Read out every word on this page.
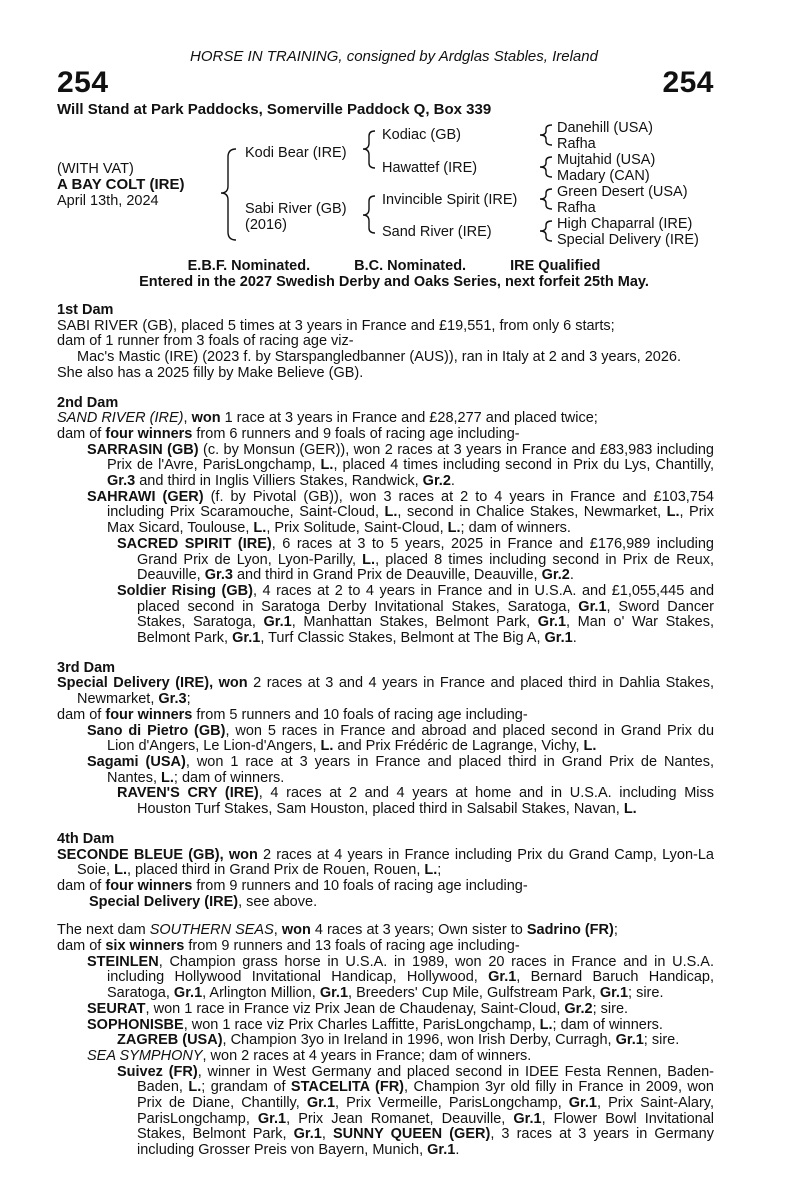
HORSE IN TRAINING, consigned by Ardglas Stables, Ireland
254	254
Will Stand at Park Paddocks, Somerville Paddock Q, Box 339
(WITH VAT)
A BAY COLT (IRE)
April 13th, 2024
Kodi Bear (IRE)
Sabi River (GB)
(2016)
Kodiac (GB)
Hawattef (IRE)
Invincible Spirit (IRE)
Sand River (IRE)
Danehill (USA)
Rafha
Mujtahid (USA)
Madary (CAN)
Green Desert (USA)
Rafha
High Chaparral (IRE)
Special Delivery (IRE)
E.B.F. Nominated.	B.C. Nominated.	IRE Qualified
Entered in the 2027 Swedish Derby and Oaks Series, next forfeit 25th May.
1st Dam
SABI RIVER (GB), placed 5 times at 3 years in France and £19,551, from only 6 starts;
dam of 1 runner from 3 foals of racing age viz-
Mac's Mastic (IRE) (2023 f. by Starspangledbanner (AUS)), ran in Italy at 2 and 3 years, 2026.
She also has a 2025 filly by Make Believe (GB).
2nd Dam
SAND RIVER (IRE), won 1 race at 3 years in France and £28,277 and placed twice;
dam of four winners from 6 runners and 9 foals of racing age including-

SARRASIN (GB) (c. by Monsun (GER)), won 2 races at 3 years in France and £83,983 including Prix de l'Avre, ParisLongchamp, L., placed 4 times including second in Prix du Lys, Chantilly, Gr.3 and third in Inglis Villiers Stakes, Randwick, Gr.2.

SAHRAWI (GER) (f. by Pivotal (GB)), won 3 races at 2 to 4 years in France and £103,754 including Prix Scaramouche, Saint-Cloud, L., second in Chalice Stakes, Newmarket, L., Prix Max Sicard, Toulouse, L., Prix Solitude, Saint-Cloud, L.; dam of winners.

SACRED SPIRIT (IRE), 6 races at 3 to 5 years, 2025 in France and £176,989 including Grand Prix de Lyon, Lyon-Parilly, L., placed 8 times including second in Prix de Reux, Deauville, Gr.3 and third in Grand Prix de Deauville, Deauville, Gr.2.

Soldier Rising (GB), 4 races at 2 to 4 years in France and in U.S.A. and £1,055,445 and placed second in Saratoga Derby Invitational Stakes, Saratoga, Gr.1, Sword Dancer Stakes, Saratoga, Gr.1, Manhattan Stakes, Belmont Park, Gr.1, Man o' War Stakes, Belmont Park, Gr.1, Turf Classic Stakes, Belmont at The Big A, Gr.1.

3rd Dam

Special Delivery (IRE), won 2 races at 3 and 4 years in France and placed third in Dahlia Stakes, Newmarket, Gr.3;

dam of four winners from 5 runners and 10 foals of racing age including-

Sano di Pietro (GB), won 5 races in France and abroad and placed second in Grand Prix du Lion d'Angers, Le Lion-d'Angers, L. and Prix Frédéric de Lagrange, Vichy, L.

Sagami (USA), won 1 race at 3 years in France and placed third in Grand Prix de Nantes, Nantes, L.; dam of winners.

RAVEN'S CRY (IRE), 4 races at 2 and 4 years at home and in U.S.A. including Miss Houston Turf Stakes, Sam Houston, placed third in Salsabil Stakes, Navan, L.

4th Dam

SECONDE BLEUE (GB), won 2 races at 4 years in France including Prix du Grand Camp, Lyon-La Soie, L., placed third in Grand Prix de Rouen, Rouen, L.;

dam of four winners from 9 runners and 10 foals of racing age including-
Special Delivery (IRE), see above.
The next dam SOUTHERN SEAS, won 4 races at 3 years; Own sister to Sadrino (FR);
dam of six winners from 9 runners and 13 foals of racing age including-

STEINLEN, Champion grass horse in U.S.A. in 1989, won 20 races in France and in U.S.A. including Hollywood Invitational Handicap, Hollywood, Gr.1, Bernard Baruch Handicap, Saratoga, Gr.1, Arlington Million, Gr.1, Breeders' Cup Mile, Gulfstream Park, Gr.1; sire.

SEURAT, won 1 race in France viz Prix Jean de Chaudenay, Saint-Cloud, Gr.2; sire.

SOPHONISBE, won 1 race viz Prix Charles Laffitte, ParisLongchamp, L.; dam of winners.

ZAGREB (USA), Champion 3yo in Ireland in 1996, won Irish Derby, Curragh, Gr.1; sire.

SEA SYMPHONY, won 2 races at 4 years in France; dam of winners.

Suivez (FR), winner in West Germany and placed second in IDEE Festa Rennen, Baden-Baden, L.; grandam of STACELITA (FR), Champion 3yr old filly in France in 2009, won Prix de Diane, Chantilly, Gr.1, Prix Vermeille, ParisLongchamp, Gr.1, Prix Saint-Alary, ParisLongchamp, Gr.1, Prix Jean Romanet, Deauville, Gr.1, Flower Bowl Invitational Stakes, Belmont Park, Gr.1, SUNNY QUEEN (GER), 3 races at 3 years in Germany including Grosser Preis von Bayern, Munich, Gr.1.
